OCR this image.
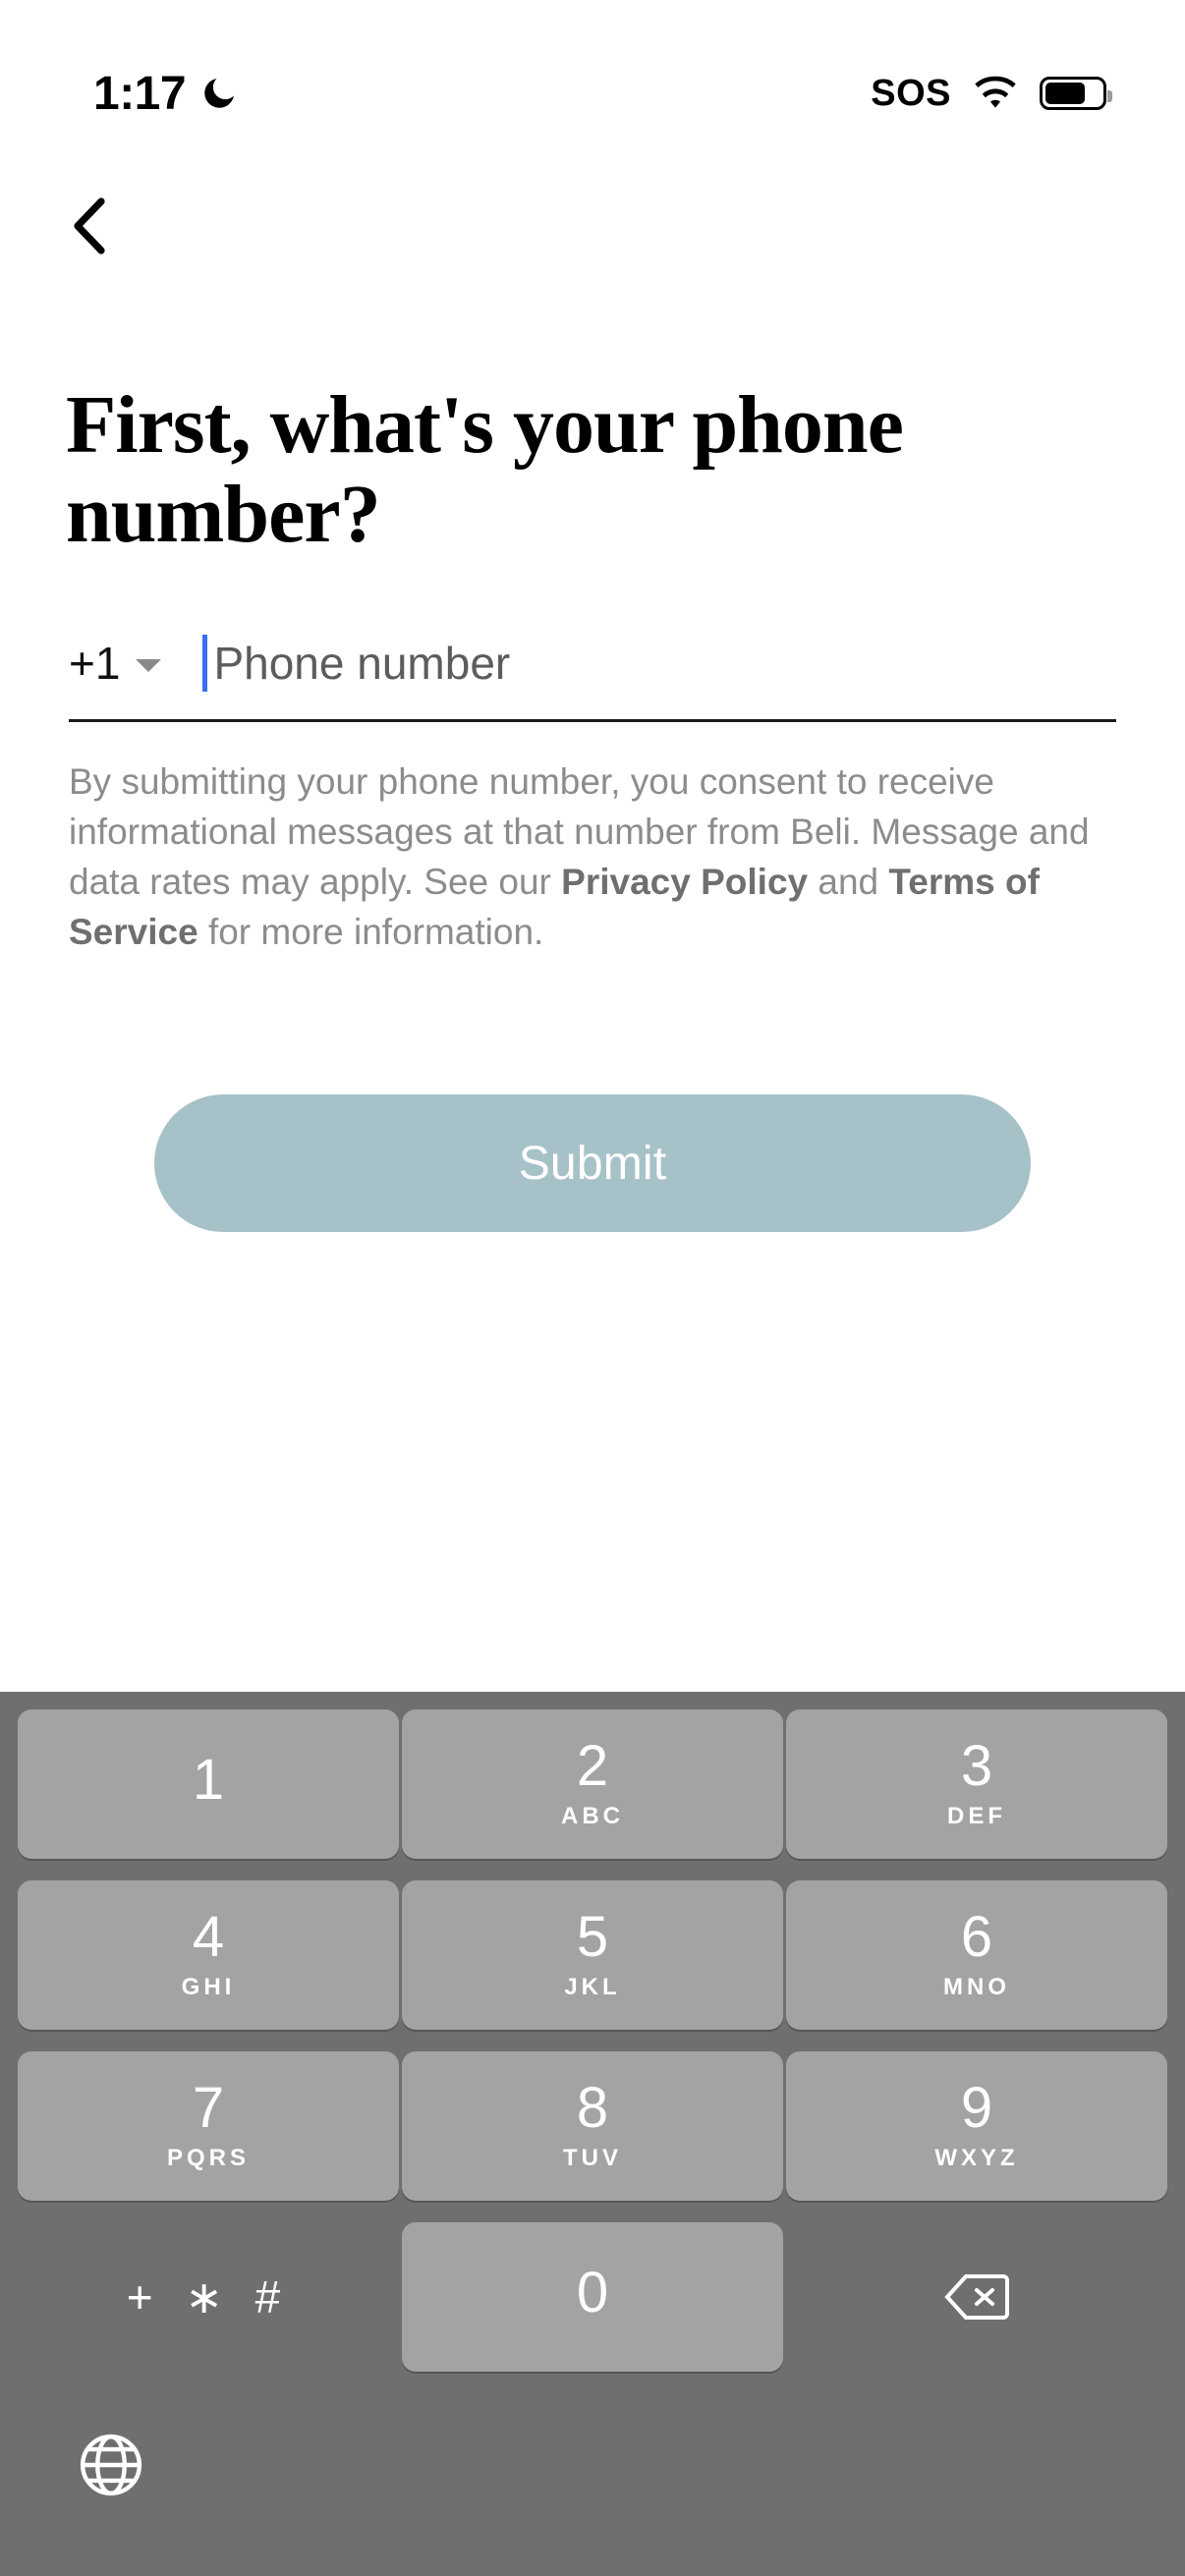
1:17	SOS
First, what's your phone number?
+1
Phone number

By submitting your phone number, you consent to receive informational messages at that number from Beli. Message and data rates may apply. See our Privacy Policy and Terms of Service for more information.

Submit
1	2
ABC
3
DEF
4
GHI
5
JKL
6
MNO
7
PQRS
8
TUV
9
WXYZ
+ ∗ #	0
